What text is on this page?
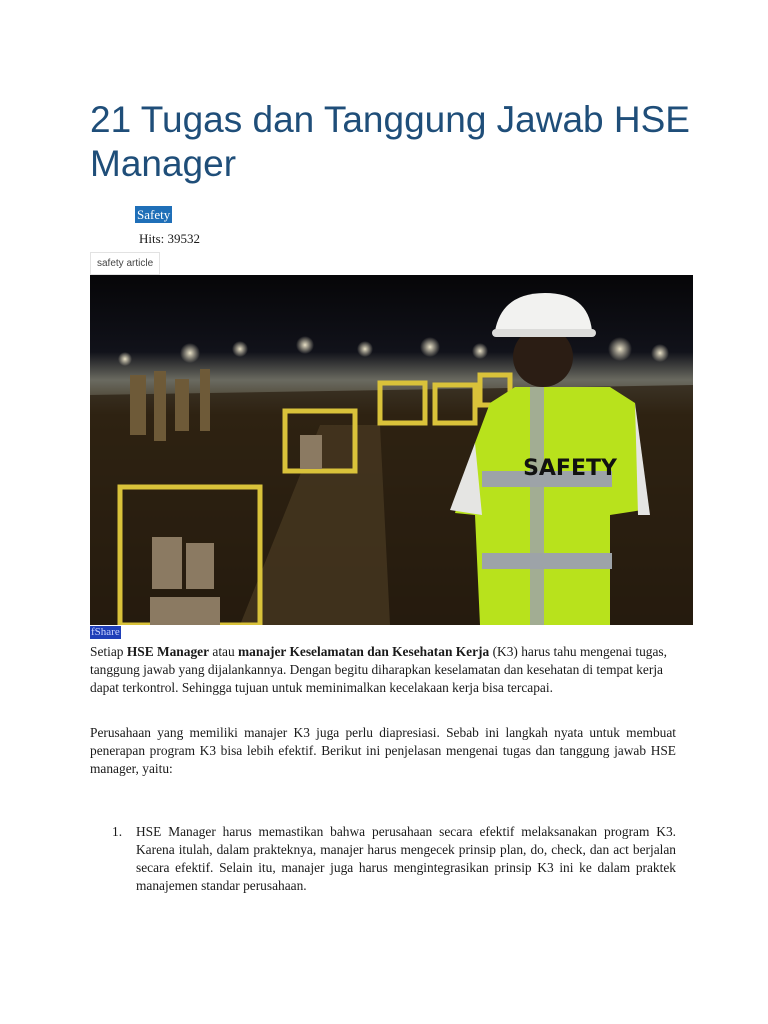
21 Tugas dan Tanggung Jawab HSE Manager
Safety
Hits: 39532
safety article
SAFETY
fShare

Setiap HSE Manager atau manajer Keselamatan dan Kesehatan Kerja (K3) harus tahu mengenai tugas, tanggung jawab yang dijalankannya. Dengan begitu diharapkan keselamatan dan kesehatan di tempat kerja dapat terkontrol. Sehingga tujuan untuk meminimalkan kecelakaan kerja bisa tercapai.

Perusahaan yang memiliki manajer K3 juga perlu diapresiasi. Sebab ini langkah nyata untuk membuat penerapan program K3 bisa lebih efektif. Berikut ini penjelasan mengenai tugas dan tanggung jawab HSE manager, yaitu:

1. HSE Manager harus memastikan bahwa perusahaan secara efektif melaksanakan program K3. Karena itulah, dalam prakteknya, manajer harus mengecek prinsip plan, do, check, dan act berjalan secara efektif. Selain itu, manajer juga harus mengintegrasikan prinsip K3 ini ke dalam praktek manajemen standar perusahaan.
